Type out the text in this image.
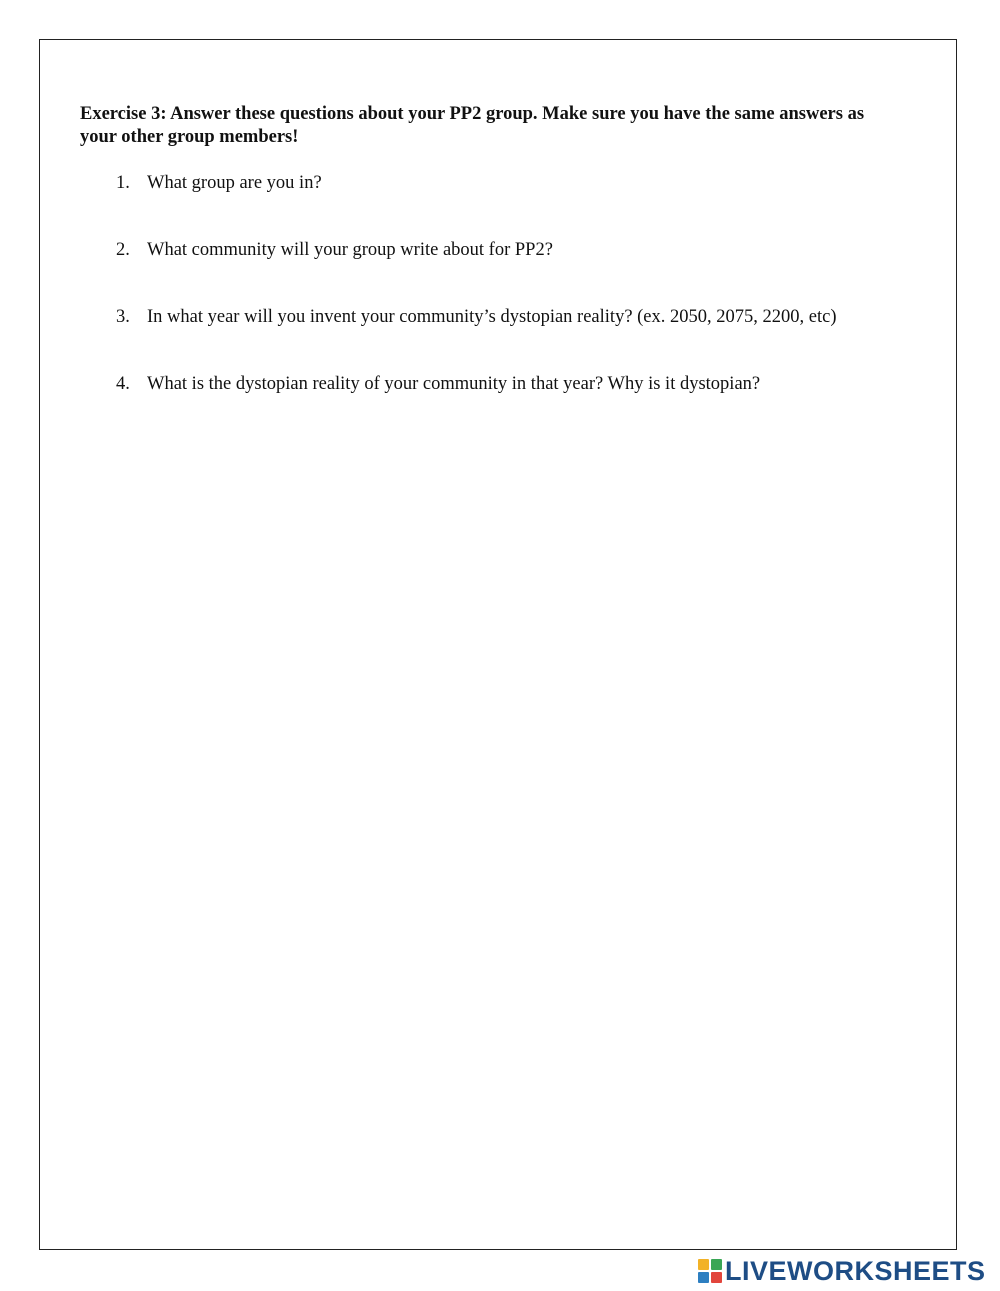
Exercise 3: Answer these questions about your PP2 group. Make sure you have the same answers as your other group members!

1. What group are you in?
2. What community will your group write about for PP2?
3. In what year will you invent your community’s dystopian reality? (ex. 2050, 2075, 2200, etc)
4. What is the dystopian reality of your community in that year? Why is it dystopian?
LIVEWORKSHEETS
